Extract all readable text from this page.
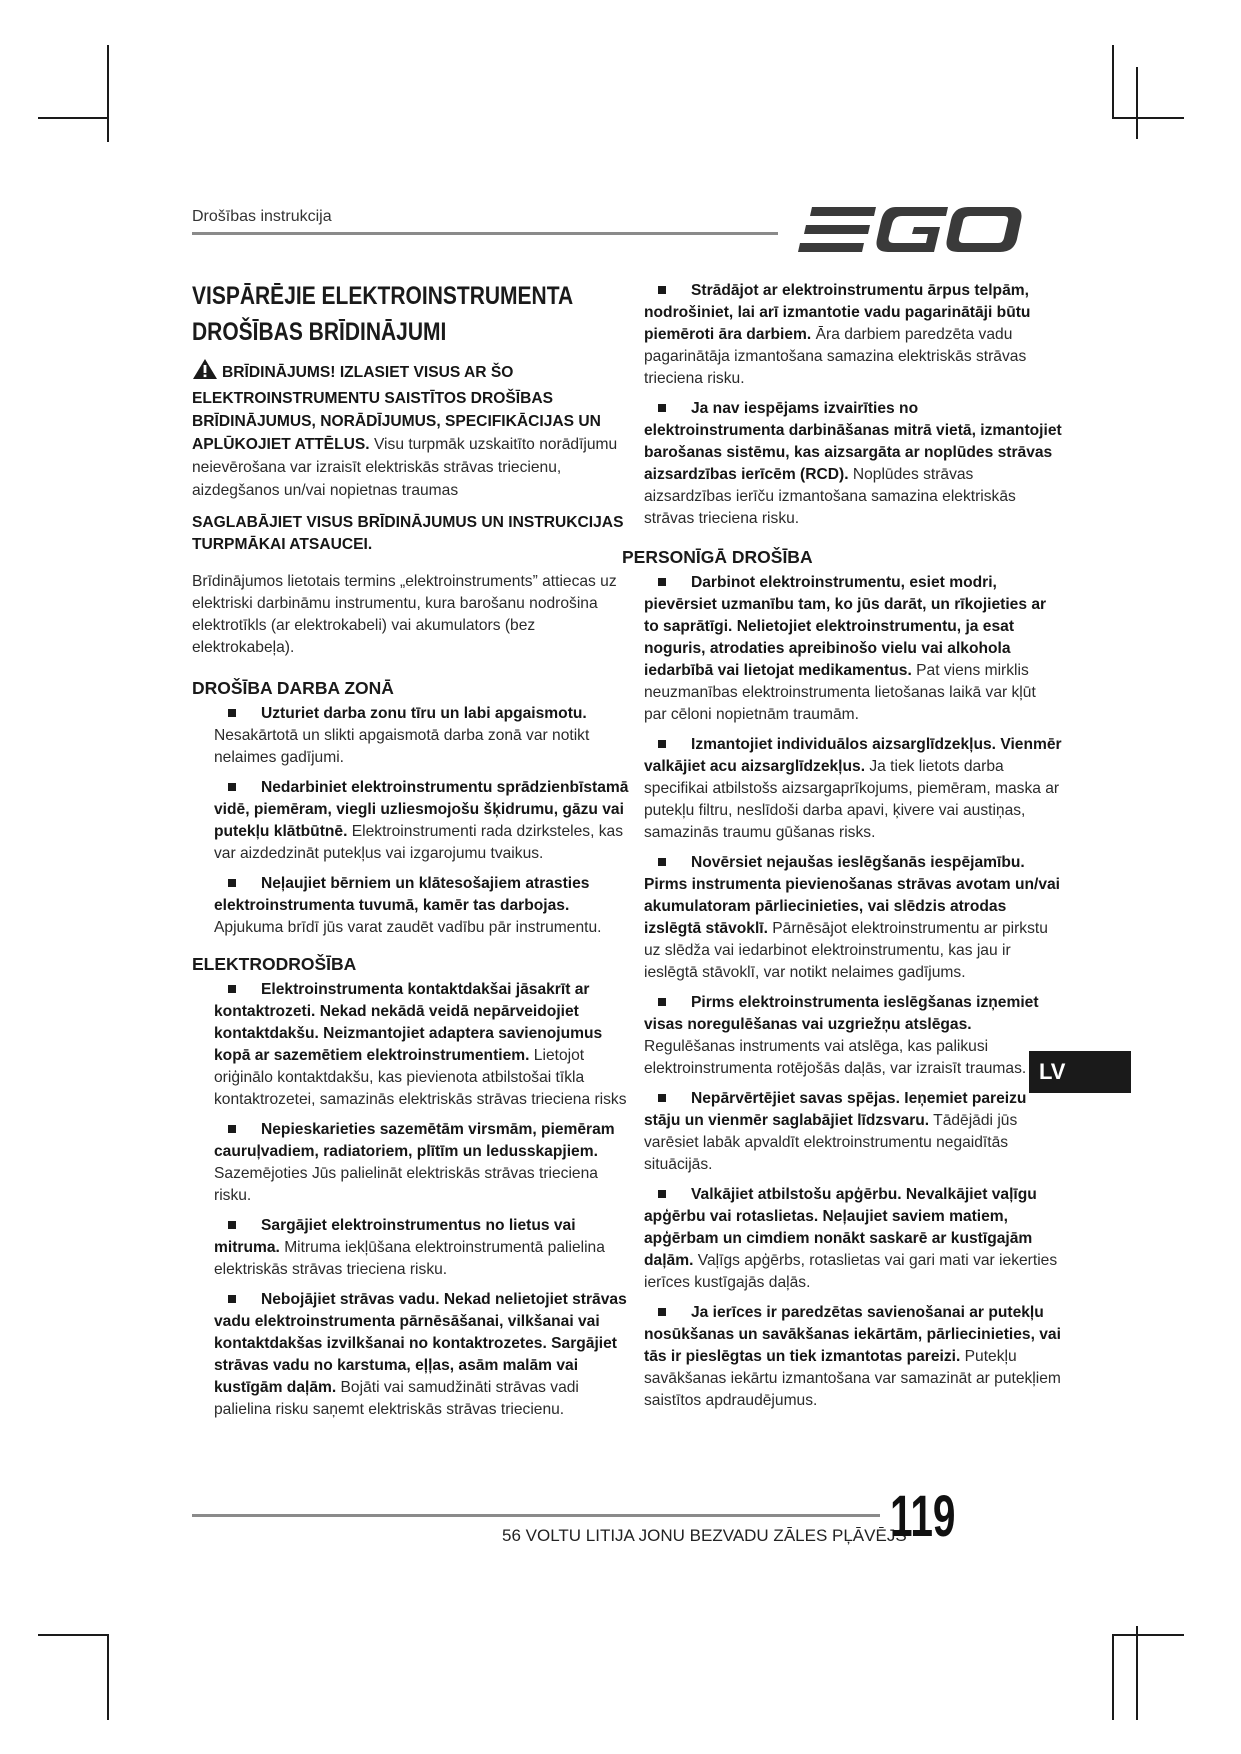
Drošības instrukcija
VISPĀRĒJIE ELEKTROINSTRUMENTA
DROŠĪBAS BRĪDINĀJUMI

BRĪDINĀJUMS! IZLASIET VISUS AR ŠO ELEKTROINSTRUMENTU SAISTĪTOS DROŠĪBAS BRĪDINĀJUMUS, NORĀDĪJUMUS, SPECIFIKĀCIJAS UN APLŪKOJIET ATTĒLUS. Visu turpmāk uzskaitīto norādījumu neievērošana var izraisīt elektriskās strāvas triecienu, aizdegšanos un/vai nopietnas traumas

SAGLABĀJIET VISUS BRĪDINĀJUMUS UN INSTRUKCIJAS TURPMĀKAI ATSAUCEI.

Brīdinājumos lietotais termins „elektroinstruments” attiecas uz elektriski darbināmu instrumentu, kura barošanu nodrošina elektrotīkls (ar elektrokabeli) vai akumulators (bez elektrokabeļa).

DROŠĪBA DARBA ZONĀ

Uzturiet darba zonu tīru un labi apgaismotu. Nesakārtotā un slikti apgaismotā darba zonā var notikt nelaimes gadījumi.

Nedarbiniet elektroinstrumentu sprādzienbīstamā vidē, piemēram, viegli uzliesmojošu šķidrumu, gāzu vai putekļu klātbūtnē. Elektroinstrumenti rada dzirksteles, kas var aizdedzināt putekļus vai izgarojumu tvaikus.

Neļaujiet bērniem un klātesošajiem atrasties elektroinstrumenta tuvumā, kamēr tas darbojas. Apjukuma brīdī jūs varat zaudēt vadību pār instrumentu.

ELEKTRODROŠĪBA

Elektroinstrumenta kontaktdakšai jāsakrīt ar kontaktrozeti. Nekad nekādā veidā nepārveidojiet kontaktdakšu. Neizmantojiet adaptera savienojumus kopā ar sazemētiem elektroinstrumentiem. Lietojot oriģinālo kontaktdakšu, kas pievienota atbilstošai tīkla kontaktrozetei, samazinās elektriskās strāvas trieciena risks

Nepieskarieties sazemētām virsmām, piemēram cauruļvadiem, radiatoriem, plītīm un ledusskapjiem. Sazemējoties Jūs palielināt elektriskās strāvas trieciena risku.

Sargājiet elektroinstrumentus no lietus vai mitruma. Mitruma iekļūšana elektroinstrumentā palielina elektriskās strāvas trieciena risku.

Nebojājiet strāvas vadu. Nekad nelietojiet strāvas vadu elektroinstrumenta pārnēsāšanai, vilkšanai vai kontaktdakšas izvilkšanai no kontaktrozetes. Sargājiet strāvas vadu no karstuma, eļļas, asām malām vai kustīgām daļām. Bojāti vai samudžināti strāvas vadi palielina risku saņemt elektriskās strāvas triecienu.

Strādājot ar elektroinstrumentu ārpus telpām, nodrošiniet, lai arī izmantotie vadu pagarinātāji būtu piemēroti āra darbiem. Āra darbiem paredzēta vadu pagarinātāja izmantošana samazina elektriskās strāvas trieciena risku.

Ja nav iespējams izvairīties no elektroinstrumenta darbināšanas mitrā vietā, izmantojiet barošanas sistēmu, kas aizsargāta ar noplūdes strāvas aizsardzības ierīcēm (RCD). Noplūdes strāvas aizsardzības ierīču izmantošana samazina elektriskās strāvas trieciena risku.

PERSONĪGĀ DROŠĪBA

Darbinot elektroinstrumentu, esiet modri, pievērsiet uzmanību tam, ko jūs darāt, un rīkojieties ar to saprātīgi. Nelietojiet elektroinstrumentu, ja esat noguris, atrodaties apreibinošo vielu vai alkohola iedarbībā vai lietojat medikamentus. Pat viens mirklis neuzmanības elektroinstrumenta lietošanas laikā var kļūt par cēloni nopietnām traumām.

Izmantojiet individuālos aizsarglīdzekļus. Vienmēr valkājiet acu aizsarglīdzekļus. Ja tiek lietots darba specifikai atbilstošs aizsargaprīkojums, piemēram, maska ar putekļu filtru, neslīdoši darba apavi, ķivere vai austiņas, samazinās traumu gūšanas risks.

Novērsiet nejaušas ieslēgšanās iespējamību. Pirms instrumenta pievienošanas strāvas avotam un/vai akumulatoram pārliecinieties, vai slēdzis atrodas izslēgtā stāvoklī. Pārnēsājot elektroinstrumentu ar pirkstu uz slēdža vai iedarbinot elektroinstrumentu, kas jau ir ieslēgtā stāvoklī, var notikt nelaimes gadījums.

Pirms elektroinstrumenta ieslēgšanas izņemiet visas noregulēšanas vai uzgriežņu atslēgas. Regulēšanas instruments vai atslēga, kas palikusi elektroinstrumenta rotējošās daļās, var izraisīt traumas.

Nepārvērtējiet savas spējas. Ieņemiet pareizu stāju un vienmēr saglabājiet līdzsvaru. Tādējādi jūs varēsiet labāk apvaldīt elektroinstrumentu negaidītās situācijās.

Valkājiet atbilstošu apģērbu. Nevalkājiet vaļīgu apģērbu vai rotaslietas. Neļaujiet saviem matiem, apģērbam un cimdiem nonākt saskarē ar kustīgajām daļām. Vaļīgs apģērbs, rotaslietas vai gari mati var iekerties ierīces kustīgajās daļās.

Ja ierīces ir paredzētas savienošanai ar putekļu nosūkšanas un savākšanas iekārtām, pārliecinieties, vai tās ir pieslēgtas un tiek izmantotas pareizi. Putekļu savākšanas iekārtu izmantošana var samazināt ar putekļiem saistītos apdraudējumus.

LV
56 VOLTU LITIJA JONU BEZVADU ZĀLES PĻĀVĒJS
119
